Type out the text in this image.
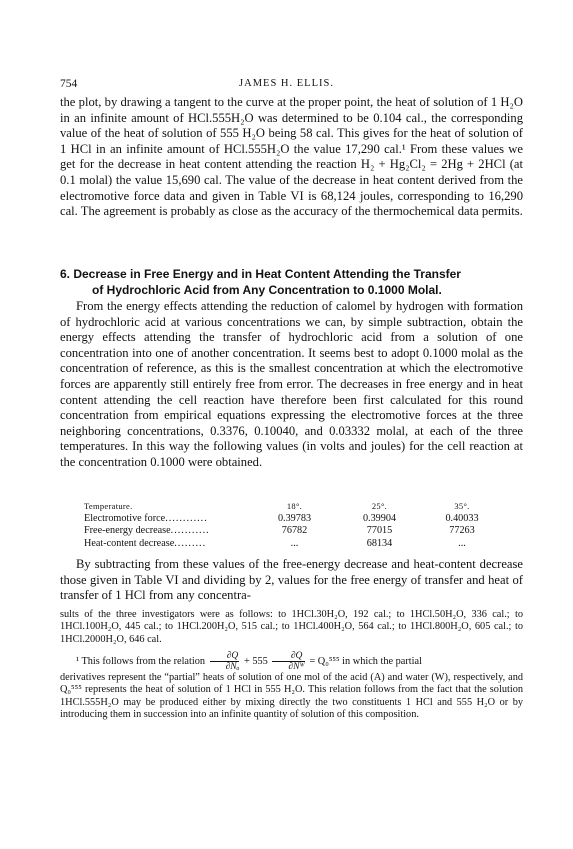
754	JAMES H. ELLIS.

the plot, by drawing a tangent to the curve at the proper point, the heat of solution of 1 H₂O in an infinite amount of HCl.555H₂O was determined to be 0.104 cal., the corresponding value of the heat of solution of 555 H₂O being 58 cal. This gives for the heat of solution of 1 HCl in an infinite amount of HCl.555H₂O the value 17,290 cal.¹ From these values we get for the decrease in heat content attending the reaction H₂ + Hg₂Cl₂ = 2Hg + 2HCl (at 0.1 molal) the value 15,690 cal. The value of the decrease in heat content derived from the electromotive force data and given in Table VI is 68,124 joules, corresponding to 16,290 cal. The agreement is probably as close as the accuracy of the thermochemical data permits.

6. Decrease in Free Energy and in Heat Content Attending the Transfer
of Hydrochloric Acid from Any Concentration to 0.1000 Molal.

From the energy effects attending the reduction of calomel by hydrogen with formation of hydrochloric acid at various concentrations we can, by simple subtraction, obtain the energy effects attending the transfer of hydrochloric acid from a solution of one concentration into one of another concentration. It seems best to adopt 0.1000 molal as the concentration of reference, as this is the smallest concentration at which the electromotive forces are apparently still entirely free from error. The decreases in free energy and in heat content attending the cell reaction have therefore been first calculated for this round concentration from empirical equations expressing the electromotive forces at the three neighboring concentrations, 0.3376, 0.10040, and 0.03332 molal, at each of the three temperatures. In this way the following values (in volts and joules) for the cell reaction at the concentration 0.1000 were obtained.

Temperature.	18°.	25°.	35°.
Electromotive force............	0.39783	0.39904	0.40033
Free-energy decrease...........	76782	77015	77263
Heat-content decrease.........	...	68134	...

By subtracting from these values of the free-energy decrease and heat-content decrease those given in Table VI and dividing by 2, values for the free energy of transfer and heat of transfer of 1 HCl from any concentra-

sults of the three investigators were as follows: to 1HCl.30H₂O, 192 cal.; to 1HCl.50H₂O, 336 cal.; to 1HCl.100H₂O, 445 cal.; to 1HCl.200H₂O, 515 cal.; to 1HCl.400H₂O, 564 cal.; to 1HCl.800H₂O, 605 cal.; to 1HCl.2000H₂O, 646 cal.

¹ This follows from the relation $\frac{\partial Q}{\text{∂Nₐ}} + 555 \frac{\partial Q}{\text{∂Nᵂ}} = Q_0^{555}$ in which the partial
derivatives represent the “partial” heats of solution of one mol of the acid (A) and water (W), respectively, and Q₀⁵⁵⁵ represents the heat of solution of 1 HCl in 555 H₂O. This relation follows from the fact that the solution 1HCl.555H₂O may be produced either by mixing directly the two constituents 1 HCl and 555 H₂O or by introducing them in succession into an infinite quantity of solution of this composition.
